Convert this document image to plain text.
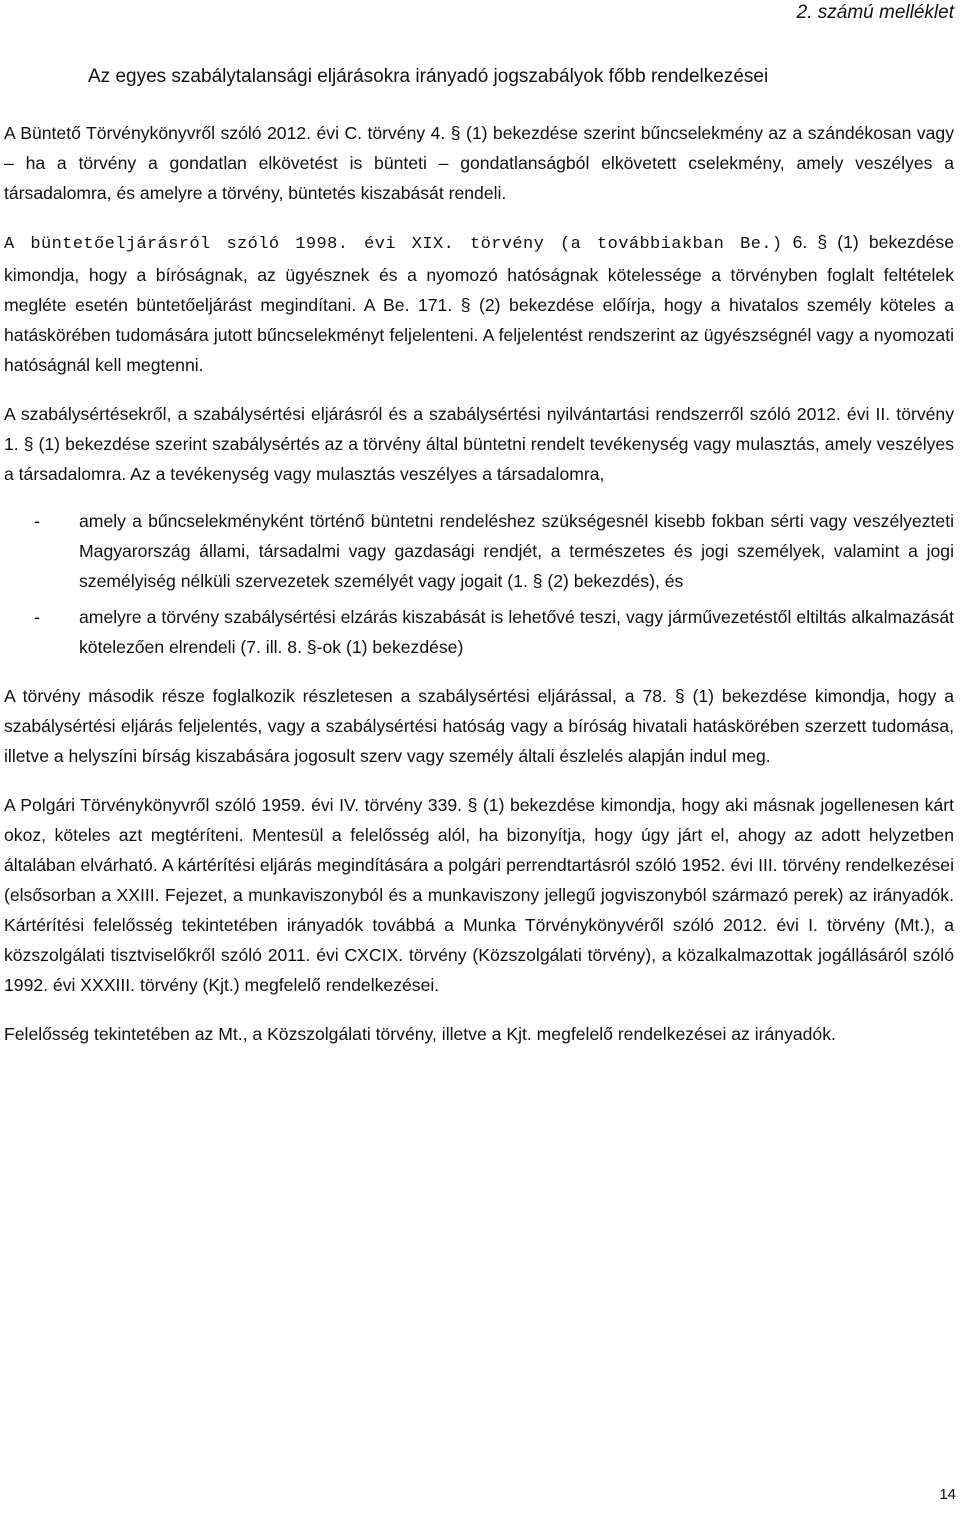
2. számú melléklet

Az egyes szabálytalansági eljárásokra irányadó jogszabályok főbb rendelkezései

A Büntető Törvénykönyvről szóló 2012. évi C. törvény 4. § (1) bekezdése szerint bűncselekmény az a szándékosan vagy – ha a törvény a gondatlan elkövetést is bünteti – gondatlanságból elkövetett cselekmény, amely veszélyes a társadalomra, és amelyre a törvény, büntetés kiszabását rendeli.

A büntetőeljárásról szóló 1998. évi XIX. törvény (a továbbiakban Be.) 6. § (1) bekezdése kimondja, hogy a bíróságnak, az ügyésznek és a nyomozó hatóságnak kötelessége a törvényben foglalt feltételek megléte esetén büntetőeljárást megindítani. A Be. 171. § (2) bekezdése előírja, hogy a hivatalos személy köteles a hatáskörében tudomására jutott bűncselekményt feljelenteni. A feljelentést rendszerint az ügyészségnél vagy a nyomozati hatóságnál kell megtenni.

A szabálysértésekről, a szabálysértési eljárásról és a szabálysértési nyilvántartási rendszerről szóló 2012. évi II. törvény 1. § (1) bekezdése szerint szabálysértés az a törvény által büntetni rendelt tevékenység vagy mulasztás, amely veszélyes a társadalomra. Az a tevékenység vagy mulasztás veszélyes a társadalomra,

- amely a bűncselekményként történő büntetni rendeléshez szükségesnél kisebb fokban sérti vagy veszélyezteti Magyarország állami, társadalmi vagy gazdasági rendjét, a természetes és jogi személyek, valamint a jogi személyiség nélküli szervezetek személyét vagy jogait (1. § (2) bekezdés), és
- amelyre a törvény szabálysértési elzárás kiszabását is lehetővé teszi, vagy járművezetéstől eltiltás alkalmazását kötelezően elrendeli (7. ill. 8. §-ok (1) bekezdése)

A törvény második része foglalkozik részletesen a szabálysértési eljárással, a 78. § (1) bekezdése kimondja, hogy a szabálysértési eljárás feljelentés, vagy a szabálysértési hatóság vagy a bíróság hivatali hatáskörében szerzett tudomása, illetve a helyszíni bírság kiszabására jogosult szerv vagy személy általi észlelés alapján indul meg.

A Polgári Törvénykönyvről szóló 1959. évi IV. törvény 339. § (1) bekezdése kimondja, hogy aki másnak jogellenesen kárt okoz, köteles azt megtéríteni. Mentesül a felelősség alól, ha bizonyítja, hogy úgy járt el, ahogy az adott helyzetben általában elvárható. A kártérítési eljárás megindítására a polgári perrendtartásról szóló 1952. évi III. törvény rendelkezései (elsősorban a XXIII. Fejezet, a munkaviszonyból és a munkaviszony jellegű jogviszonyból származó perek) az irányadók. Kártérítési felelősség tekintetében irányadók továbbá a Munka Törvénykönyvéről szóló 2012. évi I. törvény (Mt.), a közszolgálati tisztviselőkről szóló 2011. évi CXCIX. törvény (Közszolgálati törvény), a közalkalmazottak jogállásáról szóló 1992. évi XXXIII. törvény (Kjt.) megfelelő rendelkezései.

Felelősség tekintetében az Mt., a Közszolgálati törvény, illetve a Kjt. megfelelő rendelkezései az irányadók.

14
